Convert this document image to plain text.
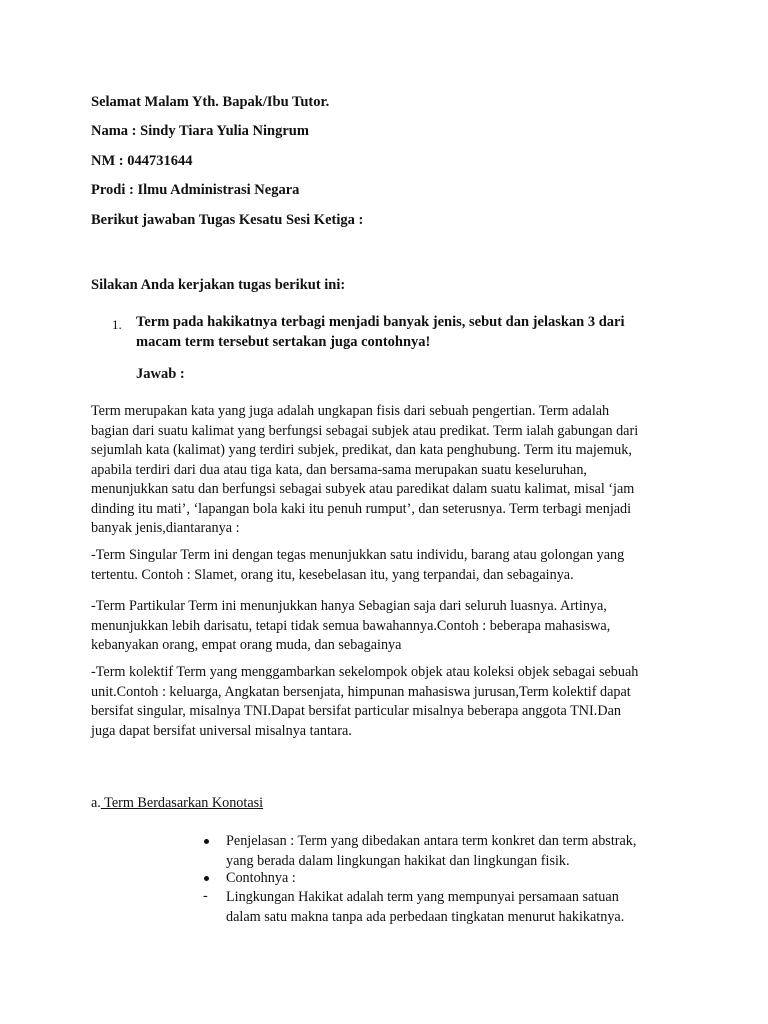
Selamat Malam Yth. Bapak/Ibu Tutor.
Nama : Sindy Tiara Yulia Ningrum
NM : 044731644
Prodi : Ilmu Administrasi Negara
Berikut jawaban Tugas Kesatu Sesi Ketiga :
Silakan Anda kerjakan tugas berikut ini:
1. Term pada hakikatnya terbagi menjadi banyak jenis, sebut dan jelaskan 3 dari
macam term tersebut sertakan juga contohnya!
Jawab :
Term merupakan kata yang juga adalah ungkapan fisis dari sebuah pengertian. Term adalah
bagian dari suatu kalimat yang berfungsi sebagai subjek atau predikat. Term ialah gabungan dari
sejumlah kata (kalimat) yang terdiri subjek, predikat, dan kata penghubung. Term itu majemuk,
apabila terdiri dari dua atau tiga kata, dan bersama-sama merupakan suatu keseluruhan,
menunjukkan satu dan berfungsi sebagai subyek atau paredikat dalam suatu kalimat, misal ‘jam
dinding itu mati’, ‘lapangan bola kaki itu penuh rumput’, dan seterusnya. Term terbagi menjadi
banyak jenis,diantaranya :
-Term Singular Term ini dengan tegas menunjukkan satu individu, barang atau golongan yang
tertentu. Contoh : Slamet, orang itu, kesebelasan itu, yang terpandai, dan sebagainya.
-Term Partikular Term ini menunjukkan hanya Sebagian saja dari seluruh luasnya. Artinya,
menunjukkan lebih darisatu, tetapi tidak semua bawahannya.Contoh : beberapa mahasiswa,
kebanyakan orang, empat orang muda, dan sebagainya
-Term kolektif Term yang menggambarkan sekelompok objek atau koleksi objek sebagai sebuah
unit.Contoh : keluarga, Angkatan bersenjata, himpunan mahasiswa jurusan,Term kolektif dapat
bersifat singular, misalnya TNI.Dapat bersifat particular misalnya beberapa anggota TNI.Dan
juga dapat bersifat universal misalnya tantara.
a. Term Berdasarkan Konotasi
Penjelasan : Term yang dibedakan antara term konkret dan term abstrak,
yang berada dalam lingkungan hakikat dan lingkungan fisik.
Contohnya :
- Lingkungan Hakikat adalah term yang mempunyai persamaan satuan
dalam satu makna tanpa ada perbedaan tingkatan menurut hakikatnya.
